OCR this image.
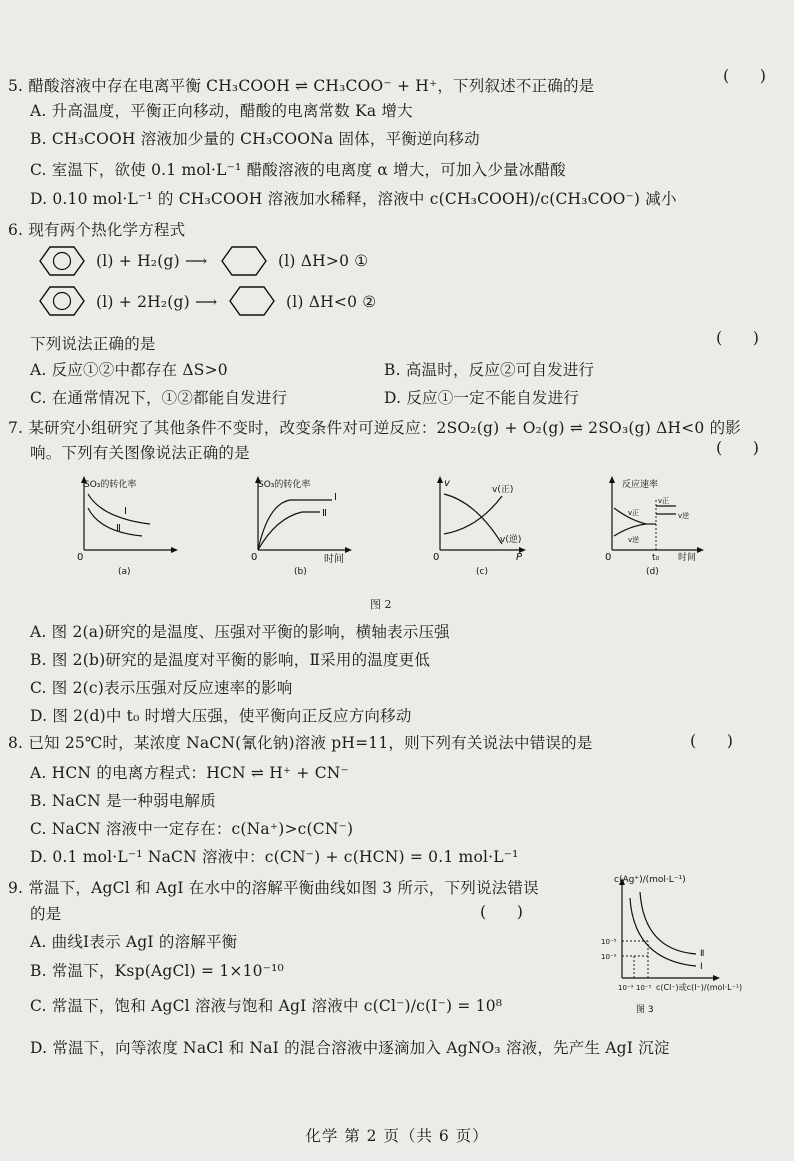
5. 醋酸溶液中存在电离平衡 CH₃COOH ⇌ CH₃COO⁻ + H⁺，下列叙述不正确的是
(      )
A. 升高温度，平衡正向移动，醋酸的电离常数 Ka 增大
B. CH₃COOH 溶液加少量的 CH₃COONa 固体，平衡逆向移动
C. 室温下，欲使 0.1 mol·L⁻¹ 醋酸溶液的电离度 α 增大，可加入少量冰醋酸
D. 0.10 mol·L⁻¹ 的 CH₃COOH 溶液加水稀释，溶液中 c(CH₃COOH)/c(CH₃COO⁻) 减小
6. 现有两个热化学方程式
(l) + H₂(g) ⟶	(l) ΔH>0 ①
(l) + 2H₂(g) ⟶	(l) ΔH<0 ②
下列说法正确的是	(      )
A. 反应①②中都存在 ΔS>0	B. 高温时，反应②可自发进行
C. 在通常情况下，①②都能自发进行	D. 反应①一定不能自发进行
7. 某研究小组研究了其他条件不变时，改变条件对可逆反应：2SO₂(g) + O₂(g) ⇌ 2SO₃(g) ΔH<0 的影
响。下列有关图像说法正确的是	(      )
SO₃的转化率
Ⅰ
Ⅱ
0
(a)
SO₃的转化率
Ⅰ
Ⅱ
0	时间
(b)
v
v(正)
v(逆)
0	P
(c)
反应速率
v正
v逆
v正
v逆
0	t₀ 时间
(d)
图 2
A. 图 2(a)研究的是温度、压强对平衡的影响，横轴表示压强
B. 图 2(b)研究的是温度对平衡的影响，Ⅱ采用的温度更低
C. 图 2(c)表示压强对反应速率的影响
D. 图 2(d)中 t₀ 时增大压强，使平衡向正反应方向移动
8. 已知 25℃时，某浓度 NaCN(氰化钠)溶液 pH=11，则下列有关说法中错误的是	(      )
A. HCN 的电离方程式：HCN ⇌ H⁺ + CN⁻
B. NaCN 是一种弱电解质
C. NaCN 溶液中一定存在：c(Na⁺)>c(CN⁻)
D. 0.1 mol·L⁻¹ NaCN 溶液中：c(CN⁻) + c(HCN) = 0.1 mol·L⁻¹
9. 常温下，AgCl 和 AgI 在水中的溶解平衡曲线如图 3 所示，下列说法错误
的是	(      )
A. 曲线Ⅰ表示 AgI 的溶解平衡
B. 常温下，Ksp(AgCl) = 1×10⁻¹⁰
C. 常温下，饱和 AgCl 溶液与饱和 AgI 溶液中 c(Cl⁻)/c(I⁻) = 10⁸
D. 常温下，向等浓度 NaCl 和 NaI 的混合溶液中逐滴加入 AgNO₃ 溶液，先产生 AgI 沉淀
c(Ag⁺)/(mol·L⁻¹)
10⁻⁵
10⁻⁹
10⁻⁹ 10⁻⁵ c(Cl⁻)或c(I⁻)/(mol·L⁻¹)
Ⅰ
Ⅱ
图 3
化学 第 2 页（共 6 页）
